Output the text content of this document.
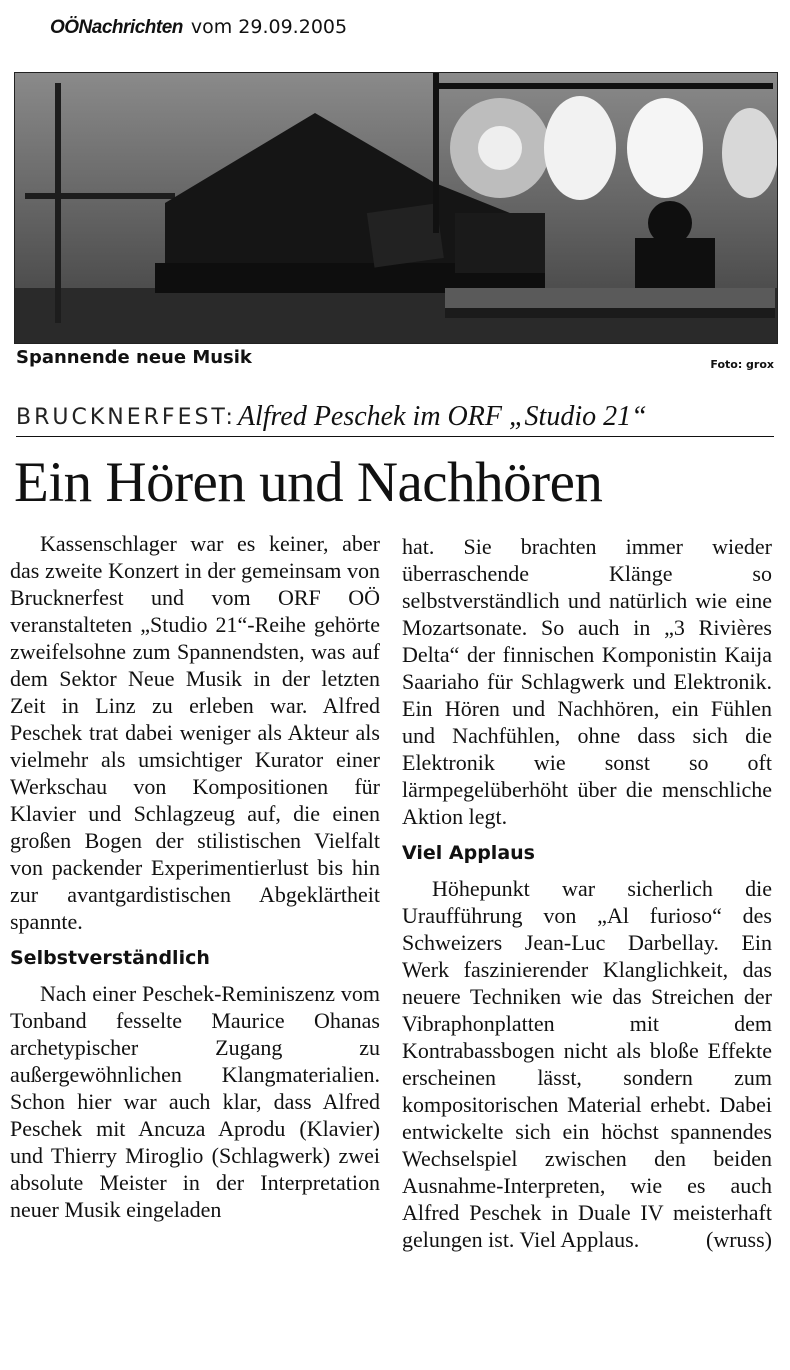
OÖNachrichten vom 29.09.2005
Spannende neue Musik	Foto: grox
BRUCKNERFEST: Alfred Peschek im ORF „Studio 21“
Ein Hören und Nachhören

Kassenschlager war es keiner, aber das zweite Konzert in der gemeinsam von Brucknerfest und vom ORF OÖ veranstalteten „Studio 21“-Reihe gehörte zweifelsohne zum Spannendsten, was auf dem Sektor Neue Musik in der letzten Zeit in Linz zu erleben war. Alfred Peschek trat dabei weniger als Akteur als vielmehr als umsichtiger Kurator einer Werkschau von Kompositionen für Klavier und Schlagzeug auf, die einen großen Bogen der stilistischen Vielfalt von packender Experimentierlust bis hin zur avantgardistischen Abgeklärtheit spannte.

Selbstverständlich

Nach einer Peschek-Reminiszenz vom Tonband fesselte Maurice Ohanas archetypischer Zugang zu außergewöhnlichen Klangmaterialien. Schon hier war auch klar, dass Alfred Peschek mit Ancuza Aprodu (Klavier) und Thierry Miroglio (Schlagwerk) zwei absolute Meister in der Interpretation neuer Musik eingeladen

hat. Sie brachten immer wieder überraschende Klänge so selbstverständlich und natürlich wie eine Mozartsonate. So auch in „3 Rivières Delta“ der finnischen Komponistin Kaija Saariaho für Schlagwerk und Elektronik. Ein Hören und Nachhören, ein Fühlen und Nachfühlen, ohne dass sich die Elektronik wie sonst so oft lärmpegelüberhöht über die menschliche Aktion legt.

Viel Applaus

Höhepunkt war sicherlich die Uraufführung von „Al furioso“ des Schweizers Jean-Luc Darbellay. Ein Werk faszinierender Klanglichkeit, das neuere Techniken wie das Streichen der Vibraphonplatten mit dem Kontrabassbogen nicht als bloße Effekte erscheinen lässt, sondern zum kompositorischen Material erhebt. Dabei entwickelte sich ein höchst spannendes Wechselspiel zwischen den beiden Ausnahme-Interpreten, wie es auch Alfred Peschek in Duale IV meisterhaft gelungen ist. Viel Applaus.	(wruss)
